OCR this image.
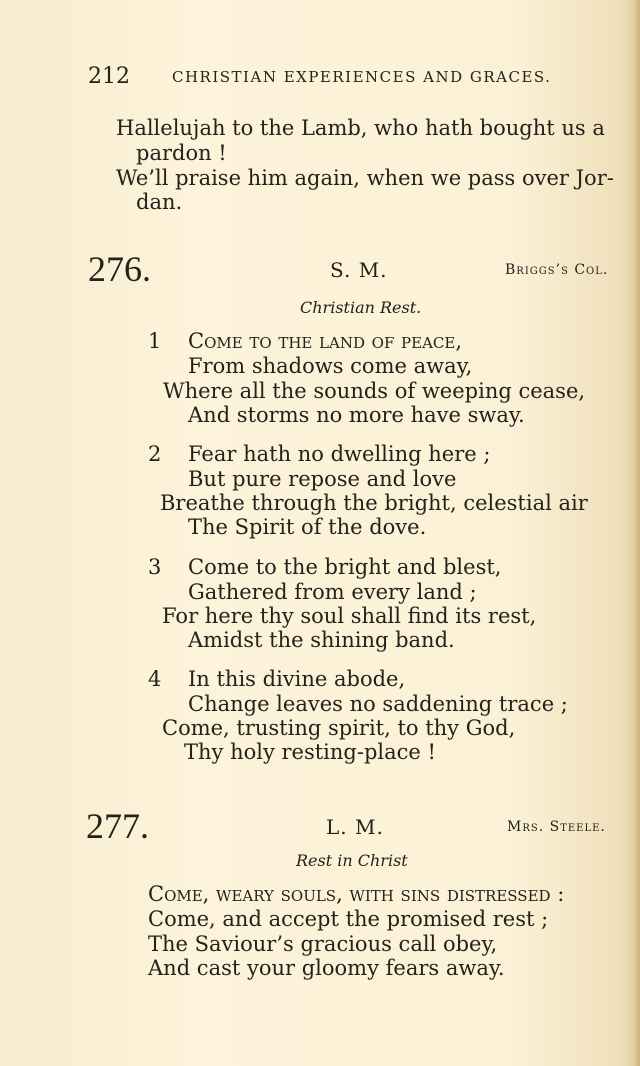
212	CHRISTIAN EXPERIENCES AND GRACES.
Hallelujah to the Lamb, who hath bought us a
pardon !
We’ll praise him again, when we pass over Jor-
dan.
276.	S. M.	Briggs’s Col.
Christian Rest.
1 Come to the land of peace,
From shadows come away,
Where all the sounds of weeping cease,
And storms no more have sway.
2 Fear hath no dwelling here ;
But pure repose and love
Breathe through the bright, celestial air
The Spirit of the dove.
3 Come to the bright and blest,
Gathered from every land ;
For here thy soul shall find its rest,
Amidst the shining band.
4 In this divine abode,
Change leaves no saddening trace ;
Come, trusting spirit, to thy God,
Thy holy resting-place !
277.	L. M.	Mrs. Steele.
Rest in Christ
Come, weary souls, with sins distressed :
Come, and accept the promised rest ;
The Saviour’s gracious call obey,
And cast your gloomy fears away.
